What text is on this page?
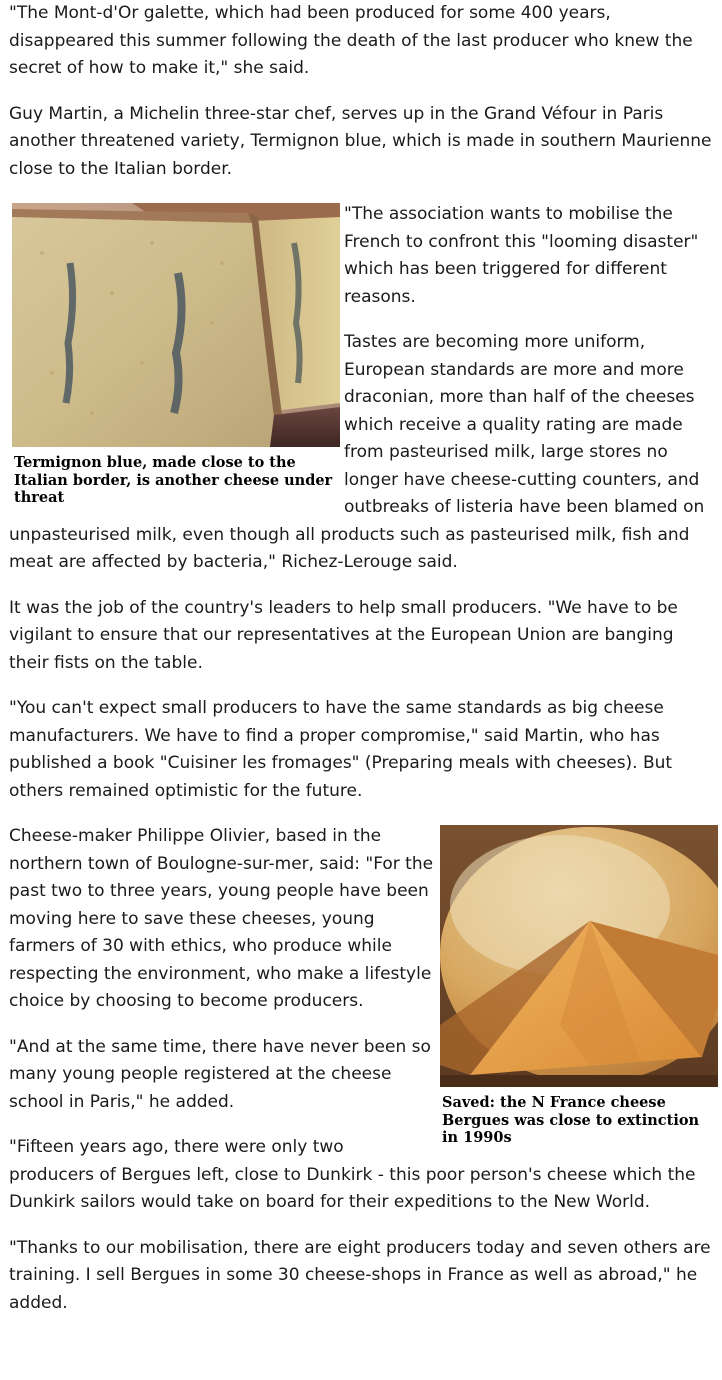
"The Mont-d'Or galette, which had been produced for some 400 years, disappeared this summer following the death of the last producer who knew the secret of how to make it," she said.

Guy Martin, a Michelin three-star chef, serves up in the Grand Véfour in Paris another threatened variety, Termignon blue, which is made in southern Maurienne close to the Italian border.

Termignon blue, made close to the Italian border, is another cheese under threat

"The association wants to mobilise the French to confront this "looming disaster" which has been triggered for different reasons.

Tastes are becoming more uniform, European standards are more and more draconian, more than half of the cheeses which receive a quality rating are made from pasteurised milk, large stores no longer have cheese-cutting counters, and outbreaks of listeria have been blamed on unpasteurised milk, even though all products such as pasteurised milk, fish and meat are affected by bacteria," Richez-Lerouge said.

It was the job of the country's leaders to help small producers. "We have to be vigilant to ensure that our representatives at the European Union are banging their fists on the table.

"You can't expect small producers to have the same standards as big cheese manufacturers. We have to find a proper compromise," said Martin, who has published a book "Cuisiner les fromages" (Preparing meals with cheeses). But others remained optimistic for the future.

Saved: the N France cheese Bergues was close to extinction in 1990s

Cheese-maker Philippe Olivier, based in the northern town of Boulogne-sur-mer, said: "For the past two to three years, young people have been moving here to save these cheeses, young farmers of 30 with ethics, who produce while respecting the environment, who make a lifestyle choice by choosing to become producers.

"And at the same time, there have never been so many young people registered at the cheese school in Paris," he added.

"Fifteen years ago, there were only two producers of Bergues left, close to Dunkirk - this poor person's cheese which the Dunkirk sailors would take on board for their expeditions to the New World.

"Thanks to our mobilisation, there are eight producers today and seven others are training. I sell Bergues in some 30 cheese-shops in France as well as abroad," he added.
